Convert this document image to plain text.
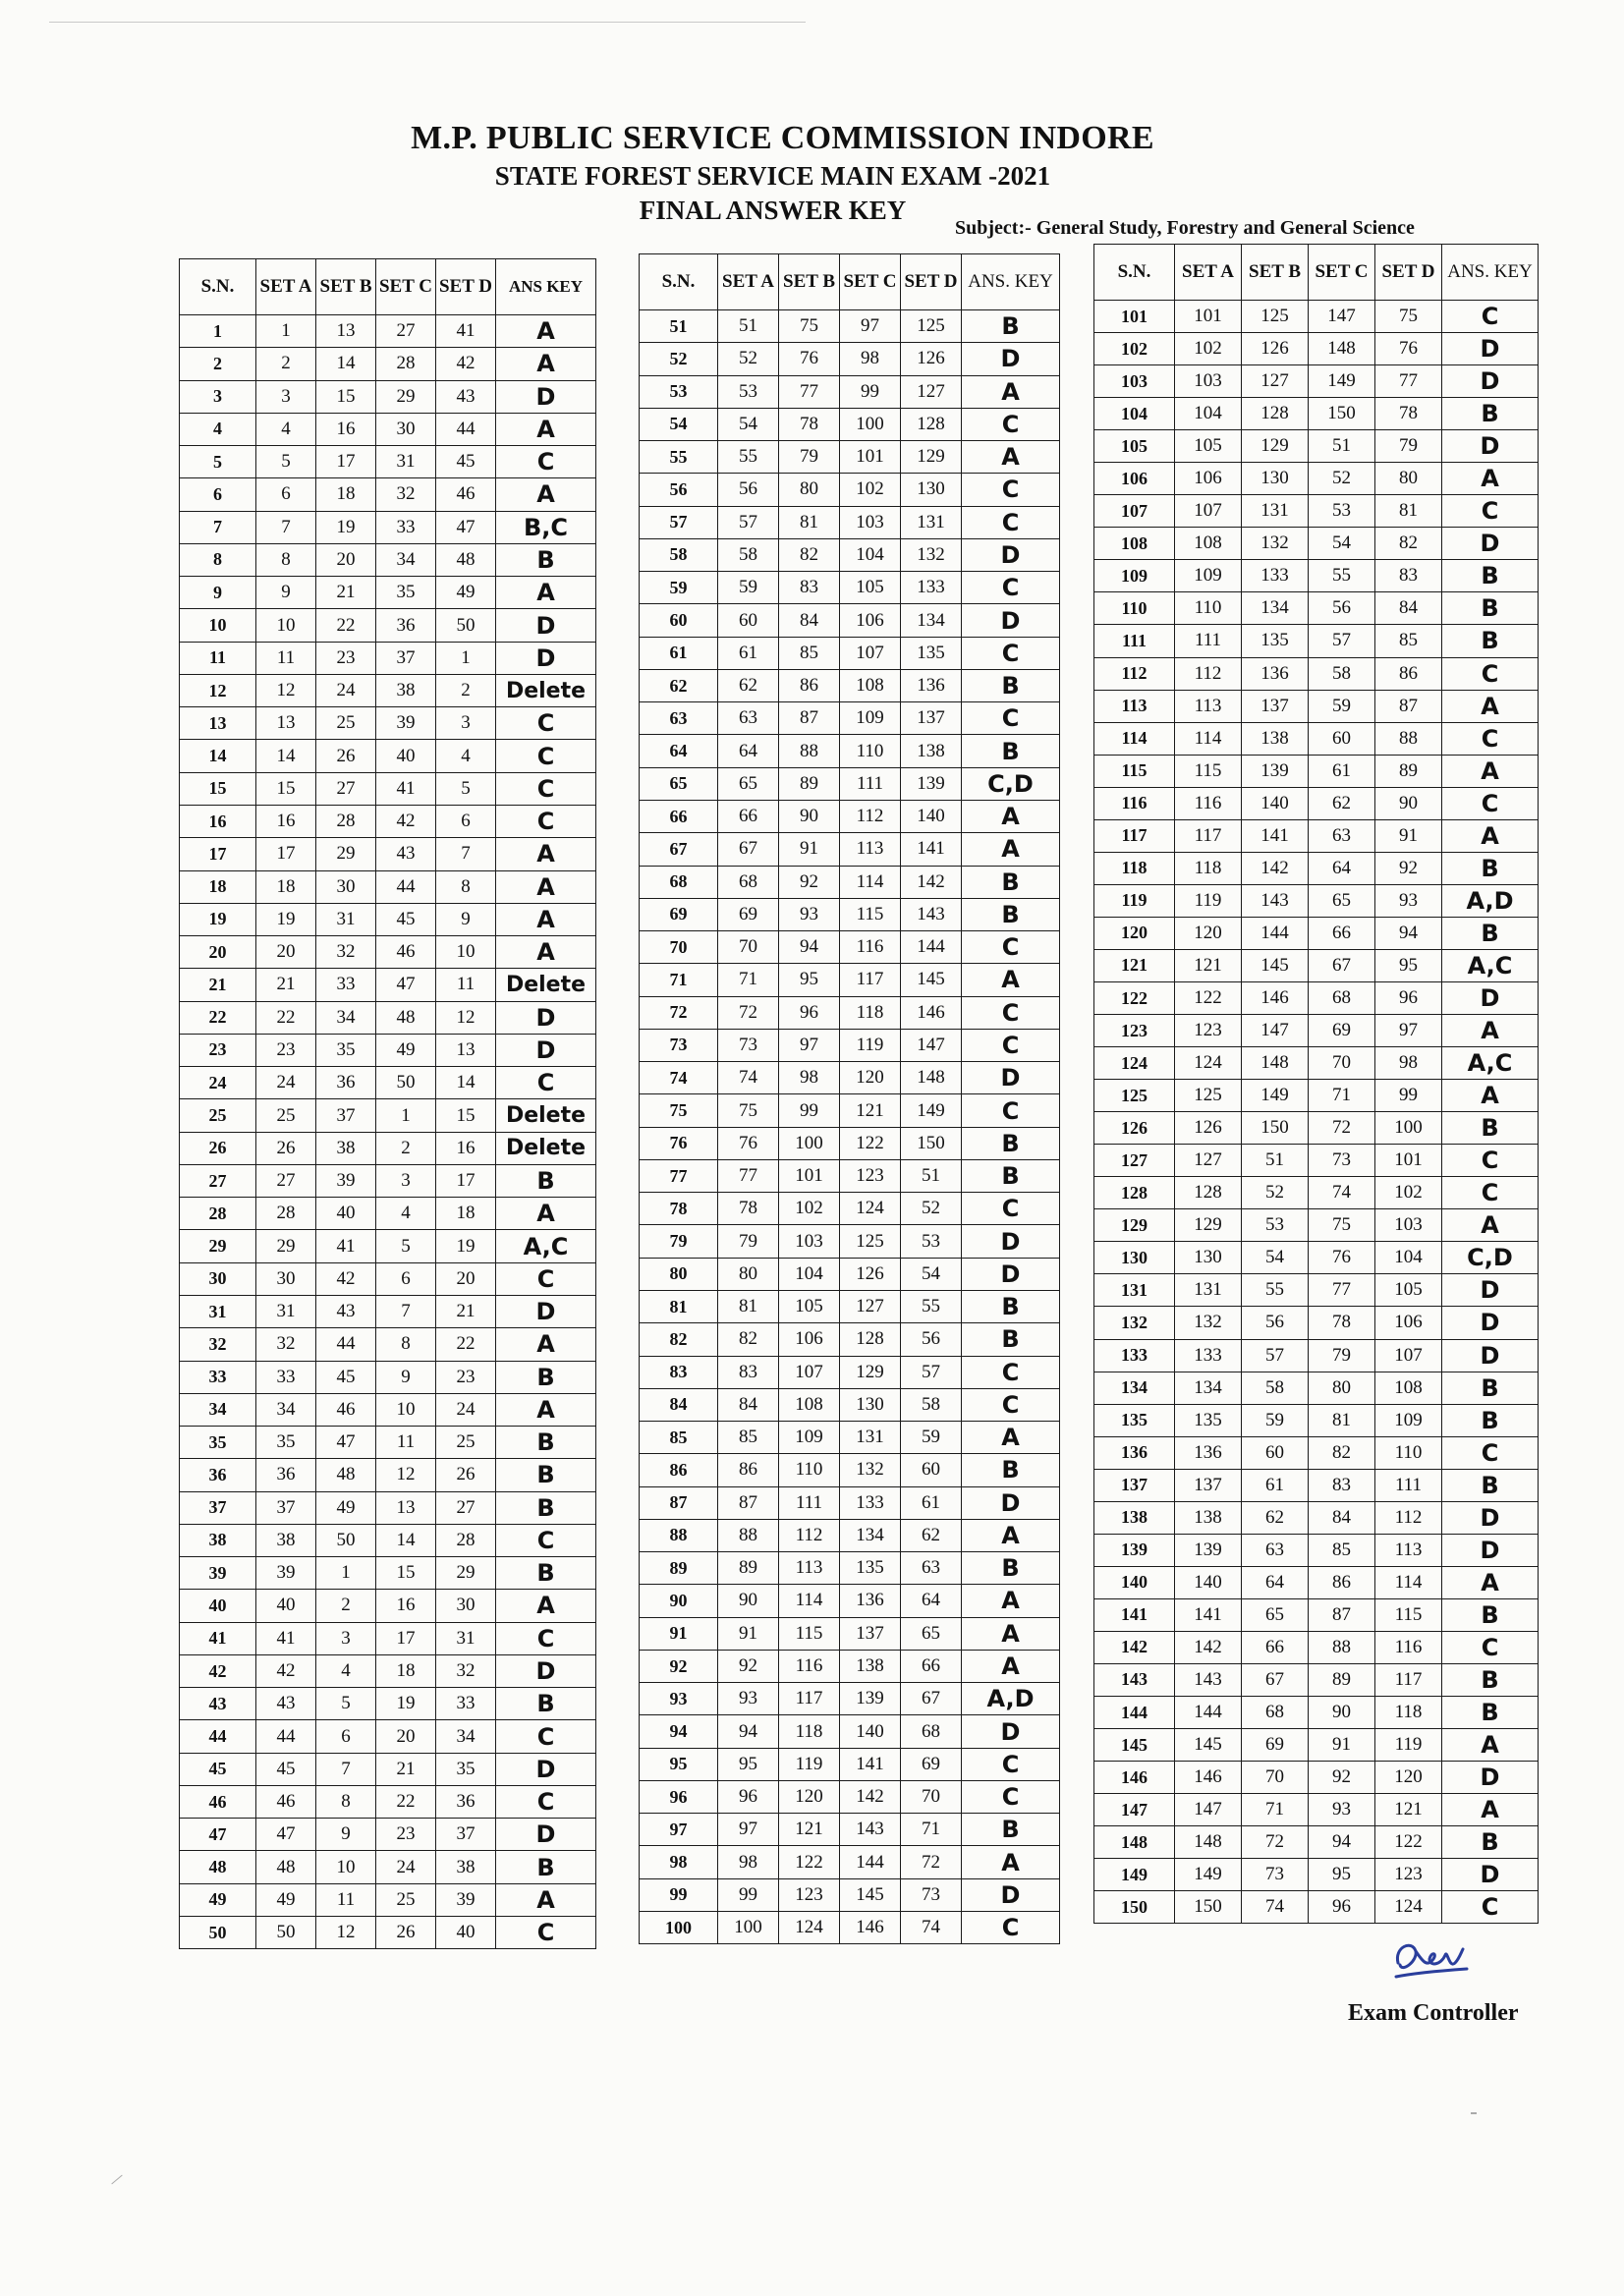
M.P. PUBLIC SERVICE COMMISSION INDORE
STATE FOREST SERVICE MAIN EXAM -2021
FINAL ANSWER KEY
Subject:- General Study, Forestry and General Science
S.N.	SET A	SET B	SET C	SET D	ANS KEY
1	1	13	27	41	A
2	2	14	28	42	A
3	3	15	29	43	D
4	4	16	30	44	A
5	5	17	31	45	C
6	6	18	32	46	A
7	7	19	33	47	B,C
8	8	20	34	48	B
9	9	21	35	49	A
10	10	22	36	50	D
11	11	23	37	1	D
12	12	24	38	2	Delete
13	13	25	39	3	C
14	14	26	40	4	C
15	15	27	41	5	C
16	16	28	42	6	C
17	17	29	43	7	A
18	18	30	44	8	A
19	19	31	45	9	A
20	20	32	46	10	A
21	21	33	47	11	Delete
22	22	34	48	12	D
23	23	35	49	13	D
24	24	36	50	14	C
25	25	37	1	15	Delete
26	26	38	2	16	Delete
27	27	39	3	17	B
28	28	40	4	18	A
29	29	41	5	19	A,C
30	30	42	6	20	C
31	31	43	7	21	D
32	32	44	8	22	A
33	33	45	9	23	B
34	34	46	10	24	A
35	35	47	11	25	B
36	36	48	12	26	B
37	37	49	13	27	B
38	38	50	14	28	C
39	39	1	15	29	B
40	40	2	16	30	A
41	41	3	17	31	C
42	42	4	18	32	D
43	43	5	19	33	B
44	44	6	20	34	C
45	45	7	21	35	D
46	46	8	22	36	C
47	47	9	23	37	D
48	48	10	24	38	B
49	49	11	25	39	A
50	50	12	26	40	C
S.N.	SET A	SET B	SET C	SET D	ANS. KEY
51	51	75	97	125	B
52	52	76	98	126	D
53	53	77	99	127	A
54	54	78	100	128	C
55	55	79	101	129	A
56	56	80	102	130	C
57	57	81	103	131	C
58	58	82	104	132	D
59	59	83	105	133	C
60	60	84	106	134	D
61	61	85	107	135	C
62	62	86	108	136	B
63	63	87	109	137	C
64	64	88	110	138	B
65	65	89	111	139	C,D
66	66	90	112	140	A
67	67	91	113	141	A
68	68	92	114	142	B
69	69	93	115	143	B
70	70	94	116	144	C
71	71	95	117	145	A
72	72	96	118	146	C
73	73	97	119	147	C
74	74	98	120	148	D
75	75	99	121	149	C
76	76	100	122	150	B
77	77	101	123	51	B
78	78	102	124	52	C
79	79	103	125	53	D
80	80	104	126	54	D
81	81	105	127	55	B
82	82	106	128	56	B
83	83	107	129	57	C
84	84	108	130	58	C
85	85	109	131	59	A
86	86	110	132	60	B
87	87	111	133	61	D
88	88	112	134	62	A
89	89	113	135	63	B
90	90	114	136	64	A
91	91	115	137	65	A
92	92	116	138	66	A
93	93	117	139	67	A,D
94	94	118	140	68	D
95	95	119	141	69	C
96	96	120	142	70	C
97	97	121	143	71	B
98	98	122	144	72	A
99	99	123	145	73	D
100	100	124	146	74	C
S.N.	SET A	SET B	SET C	SET D	ANS. KEY
101	101	125	147	75	C
102	102	126	148	76	D
103	103	127	149	77	D
104	104	128	150	78	B
105	105	129	51	79	D
106	106	130	52	80	A
107	107	131	53	81	C
108	108	132	54	82	D
109	109	133	55	83	B
110	110	134	56	84	B
111	111	135	57	85	B
112	112	136	58	86	C
113	113	137	59	87	A
114	114	138	60	88	C
115	115	139	61	89	A
116	116	140	62	90	C
117	117	141	63	91	A
118	118	142	64	92	B
119	119	143	65	93	A,D
120	120	144	66	94	B
121	121	145	67	95	A,C
122	122	146	68	96	D
123	123	147	69	97	A
124	124	148	70	98	A,C
125	125	149	71	99	A
126	126	150	72	100	B
127	127	51	73	101	C
128	128	52	74	102	C
129	129	53	75	103	A
130	130	54	76	104	C,D
131	131	55	77	105	D
132	132	56	78	106	D
133	133	57	79	107	D
134	134	58	80	108	B
135	135	59	81	109	B
136	136	60	82	110	C
137	137	61	83	111	B
138	138	62	84	112	D
139	139	63	85	113	D
140	140	64	86	114	A
141	141	65	87	115	B
142	142	66	88	116	C
143	143	67	89	117	B
144	144	68	90	118	B
145	145	69	91	119	A
146	146	70	92	120	D
147	147	71	93	121	A
148	148	72	94	122	B
149	149	73	95	123	D
150	150	74	96	124	C
Exam Controller
